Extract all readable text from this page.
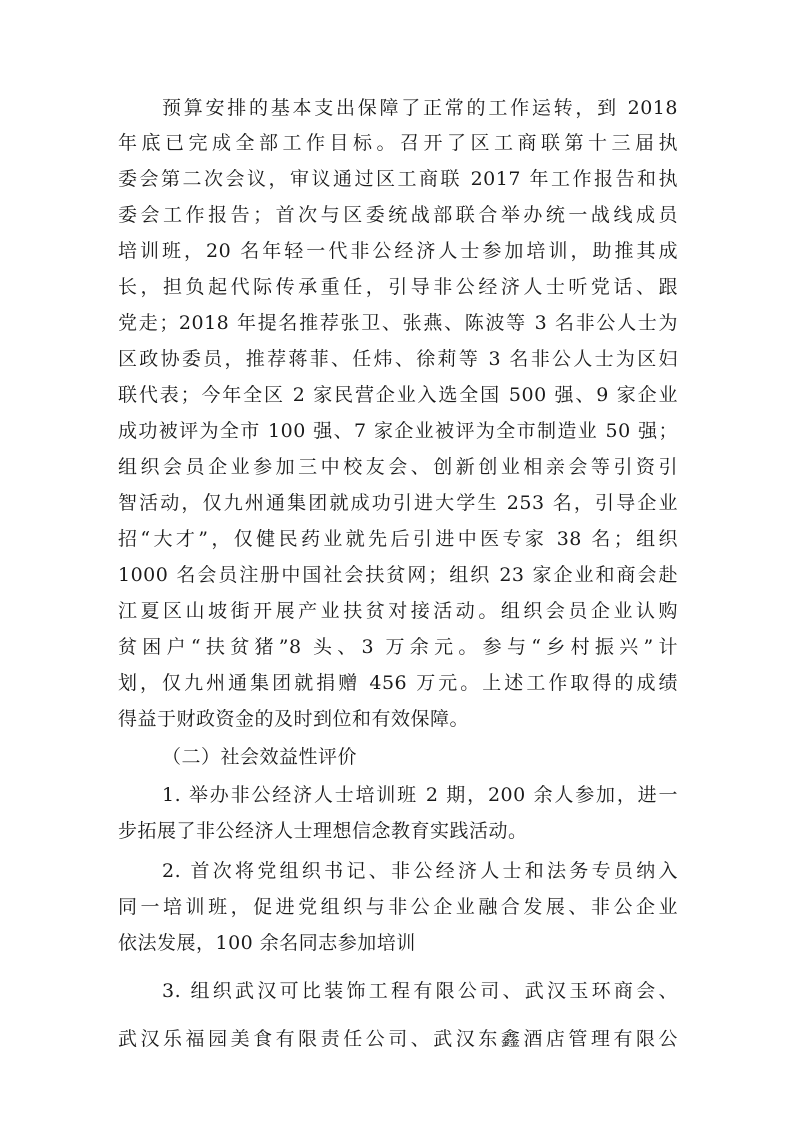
预算安排的基本支出保障了正常的工作运转，到 2018
年底已完成全部工作目标。召开了区工商联第十三届执
委会第二次会议，审议通过区工商联 2017 年工作报告和执
委会工作报告；首次与区委统战部联合举办统一战线成员
培训班，20 名年轻一代非公经济人士参加培训，助推其成
长，担负起代际传承重任，引导非公经济人士听党话、跟
党走；2018 年提名推荐张卫、张燕、陈波等 3 名非公人士为
区政协委员，推荐蒋菲、任炜、徐莉等 3 名非公人士为区妇
联代表；今年全区 2 家民营企业入选全国 500 强、9 家企业
成功被评为全市 100 强、7 家企业被评为全市制造业 50 强；
组织会员企业参加三中校友会、创新创业相亲会等引资引
智活动，仅九州通集团就成功引进大学生 253 名，引导企业
招“大才”，仅健民药业就先后引进中医专家 38 名；组织
1000 名会员注册中国社会扶贫网；组织 23 家企业和商会赴
江夏区山坡街开展产业扶贫对接活动。组织会员企业认购
贫困户“扶贫猪”8 头、3 万余元。参与“乡村振兴”计
划，仅九州通集团就捐赠 456 万元。上述工作取得的成绩
得益于财政资金的及时到位和有效保障。
（二）社会效益性评价
1. 举办非公经济人士培训班 2 期，200 余人参加，进一
步拓展了非公经济人士理想信念教育实践活动。
2. 首次将党组织书记、非公经济人士和法务专员纳入
同一培训班，促进党组织与非公企业融合发展、非公企业
依法发展，100 余名同志参加培训
3. 组织武汉可比装饰工程有限公司、武汉玉环商会、
武汉乐福园美食有限责任公司、武汉东鑫酒店管理有限公
